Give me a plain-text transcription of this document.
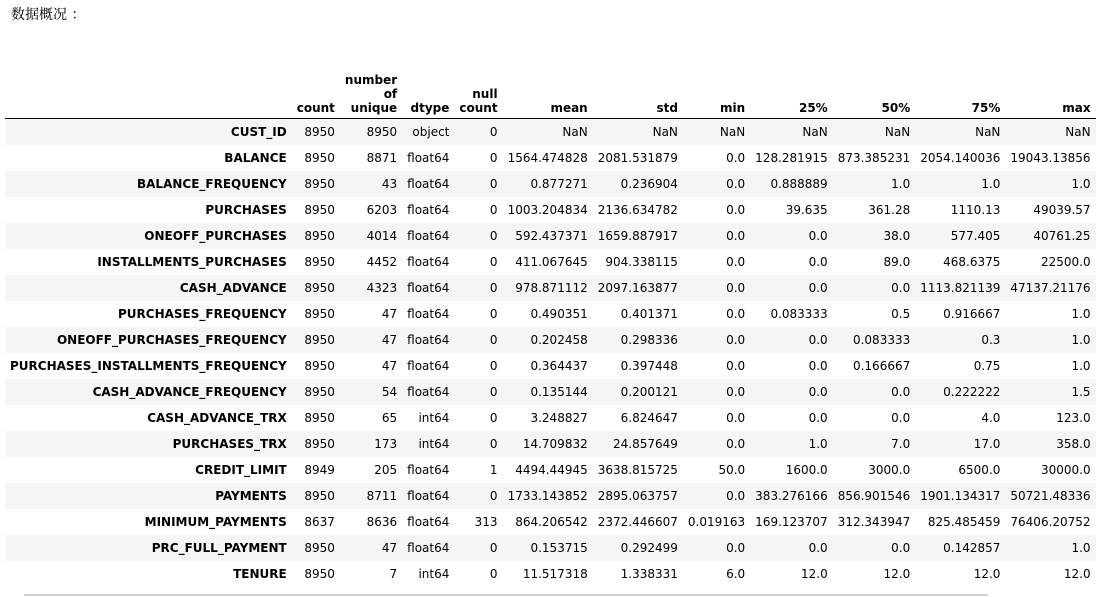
数据概况 ：
	count	number of unique	dtype	null count	mean	std	min	25%	50%	75%	max
CUST_ID	8950	8950	object	0	NaN	NaN	NaN	NaN	NaN	NaN	NaN
BALANCE	8950	8871	float64	0	1564.474828	2081.531879	0.0	128.281915	873.385231	2054.140036	19043.13856
BALANCE_FREQUENCY	8950	43	float64	0	0.877271	0.236904	0.0	0.888889	1.0	1.0	1.0
PURCHASES	8950	6203	float64	0	1003.204834	2136.634782	0.0	39.635	361.28	1110.13	49039.57
ONEOFF_PURCHASES	8950	4014	float64	0	592.437371	1659.887917	0.0	0.0	38.0	577.405	40761.25
INSTALLMENTS_PURCHASES	8950	4452	float64	0	411.067645	904.338115	0.0	0.0	89.0	468.6375	22500.0
CASH_ADVANCE	8950	4323	float64	0	978.871112	2097.163877	0.0	0.0	0.0	1113.821139	47137.21176
PURCHASES_FREQUENCY	8950	47	float64	0	0.490351	0.401371	0.0	0.083333	0.5	0.916667	1.0
ONEOFF_PURCHASES_FREQUENCY	8950	47	float64	0	0.202458	0.298336	0.0	0.0	0.083333	0.3	1.0
PURCHASES_INSTALLMENTS_FREQUENCY	8950	47	float64	0	0.364437	0.397448	0.0	0.0	0.166667	0.75	1.0
CASH_ADVANCE_FREQUENCY	8950	54	float64	0	0.135144	0.200121	0.0	0.0	0.0	0.222222	1.5
CASH_ADVANCE_TRX	8950	65	int64	0	3.248827	6.824647	0.0	0.0	0.0	4.0	123.0
PURCHASES_TRX	8950	173	int64	0	14.709832	24.857649	0.0	1.0	7.0	17.0	358.0
CREDIT_LIMIT	8949	205	float64	1	4494.44945	3638.815725	50.0	1600.0	3000.0	6500.0	30000.0
PAYMENTS	8950	8711	float64	0	1733.143852	2895.063757	0.0	383.276166	856.901546	1901.134317	50721.48336
MINIMUM_PAYMENTS	8637	8636	float64	313	864.206542	2372.446607	0.019163	169.123707	312.343947	825.485459	76406.20752
PRC_FULL_PAYMENT	8950	47	float64	0	0.153715	0.292499	0.0	0.0	0.0	0.142857	1.0
TENURE	8950	7	int64	0	11.517318	1.338331	6.0	12.0	12.0	12.0	12.0
